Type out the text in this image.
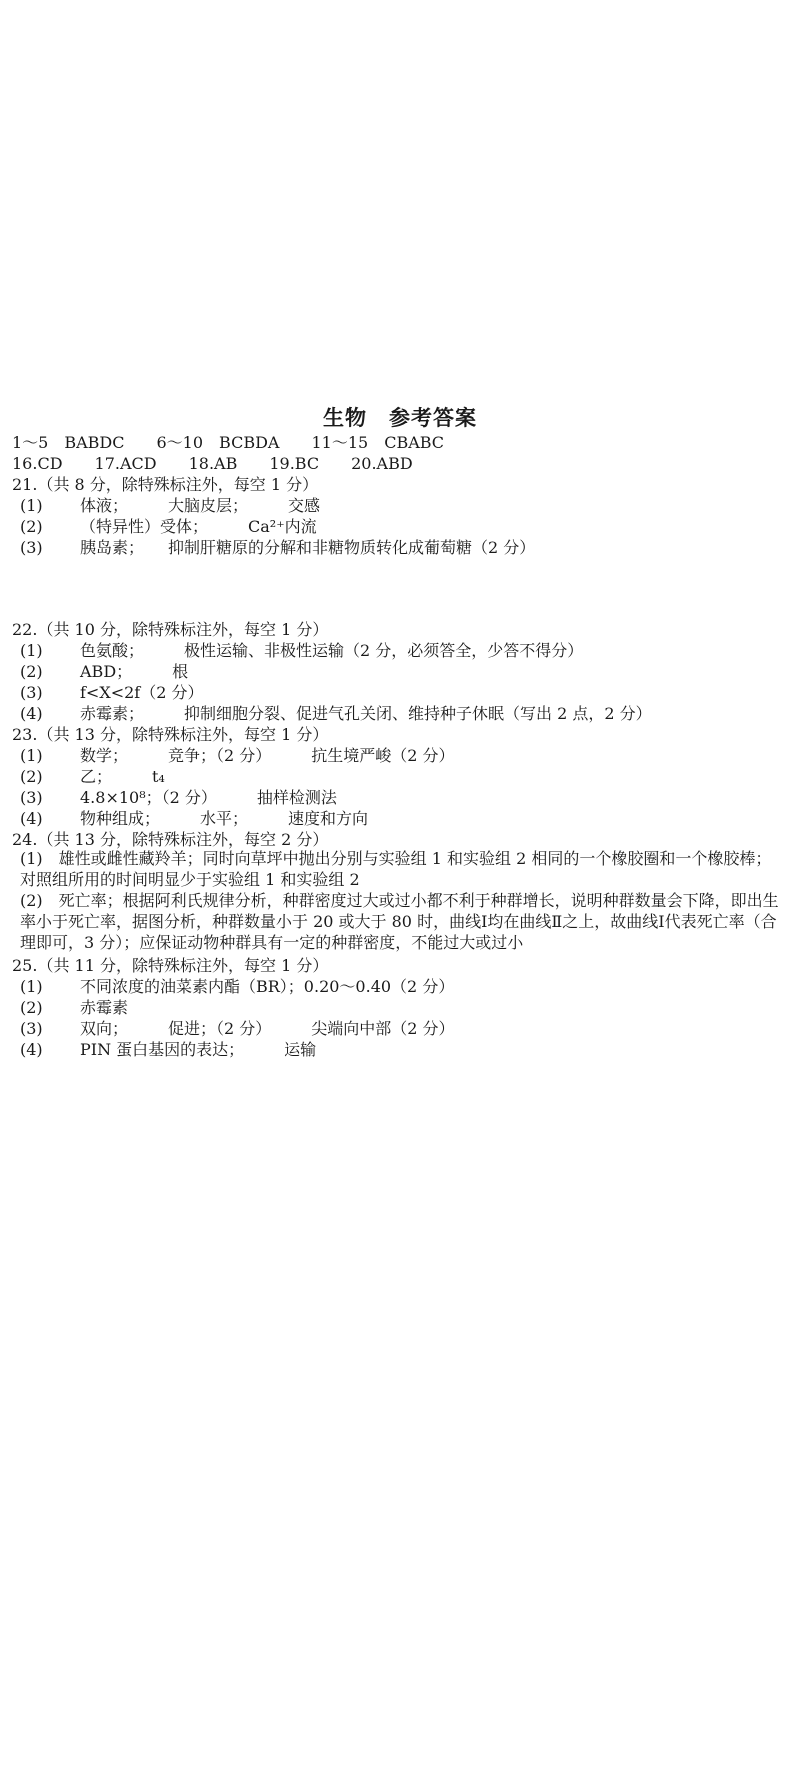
生物　参考答案
1～5　BABDC　　6～10　BCBDA　　11～15　CBABC
16.CD　　17.ACD　　18.AB　　19.BC　　20.ABD
21.（共 8 分，除特殊标注外，每空 1 分）
(1) 体液；　　　大脑皮层；　　　交感
(2) （特异性）受体；　　　Ca²⁺内流
(3) 胰岛素；　　抑制肝糖原的分解和非糖物质转化成葡萄糖（2 分）
22.（共 10 分，除特殊标注外，每空 1 分）
(1) 色氨酸；　　　极性运输、非极性运输（2 分，必须答全，少答不得分）
(2) ABD；　　　根
(3) f<X<2f（2 分）
(4) 赤霉素；　　　抑制细胞分裂、促进气孔关闭、维持种子休眠（写出 2 点，2 分）
23.（共 13 分，除特殊标注外，每空 1 分）
(1) 数学；　　　竞争；（2 分）　　　抗生境严峻（2 分）
(2) 乙；　　　t₄
(3) 4.8×10⁸；（2 分）　　　抽样检测法
(4) 物种组成；　　　水平；　　　速度和方向
24.（共 13 分，除特殊标注外，每空 2 分）
(1)　雄性或雌性藏羚羊；同时向草坪中抛出分别与实验组 1 和实验组 2 相同的一个橡胶圈和一个橡胶棒；对照组所用的时间明显少于实验组 1 和实验组 2
(2)　死亡率；根据阿利氏规律分析，种群密度过大或过小都不利于种群增长，说明种群数量会下降，即出生率小于死亡率，据图分析，种群数量小于 20 或大于 80 时，曲线Ⅰ均在曲线Ⅱ之上，故曲线Ⅰ代表死亡率（合理即可，3 分）；应保证动物种群具有一定的种群密度，不能过大或过小
25.（共 11 分，除特殊标注外，每空 1 分）
(1) 不同浓度的油菜素内酯（BR）；0.20～0.40（2 分）
(2) 赤霉素
(3) 双向；　　　促进；（2 分）　　　尖端向中部（2 分）
(4) PIN 蛋白基因的表达；　　　运输
